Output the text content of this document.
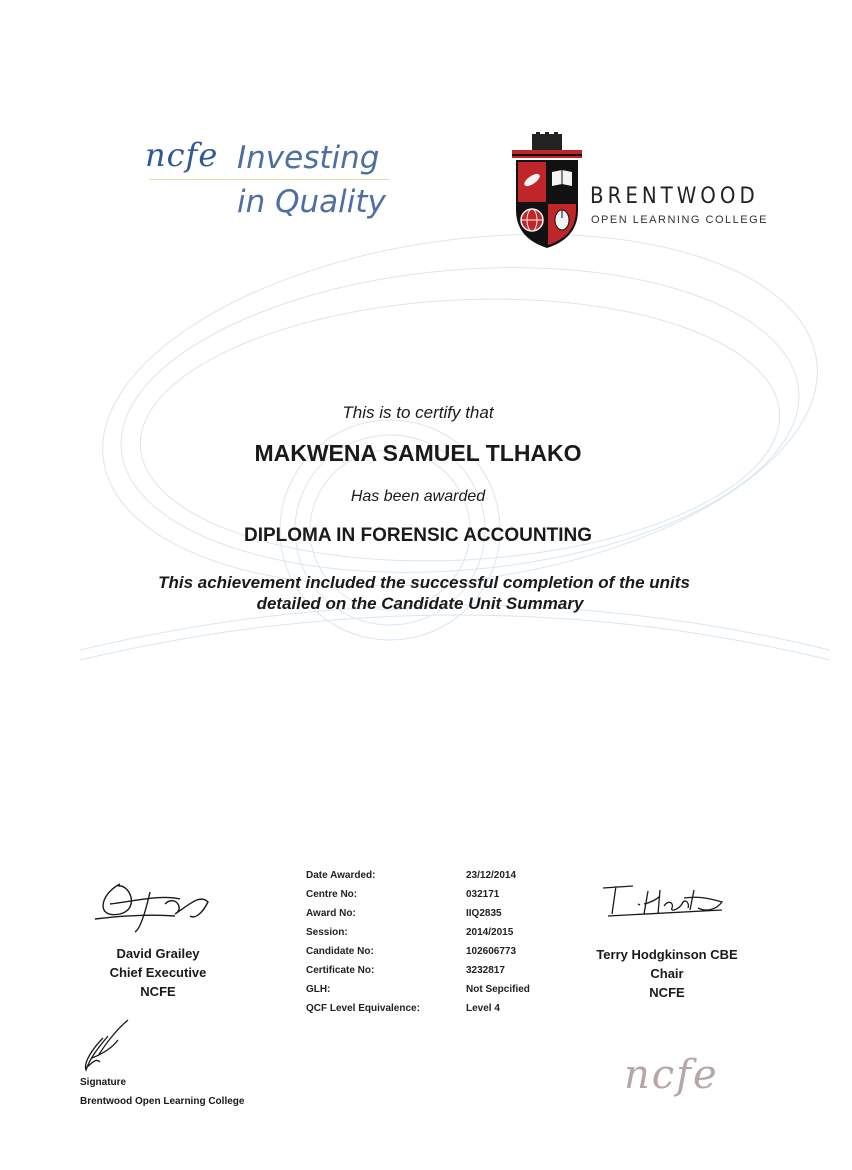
ncfe Investing
in Quality	BRENTWOOD
OPEN LEARNING COLLEGE
This is to certify that
MAKWENA SAMUEL TLHAKO
Has been awarded
DIPLOMA IN FORENSIC ACCOUNTING
This achievement included the successful completion of the units
detailed on the Candidate Unit Summary
David Grailey
Chief Executive
NCFE
Terry Hodgkinson CBE
Chair
NCFE
Date Awarded:	23/12/2014
Centre No:	032171
Award No:	IIQ2835
Session:	2014/2015
Candidate No:	102606773
Certificate No:	3232817
GLH:	Not Sepcified
QCF Level Equivalence:	Level 4
Signature
Brentwood Open Learning College
ncfe
